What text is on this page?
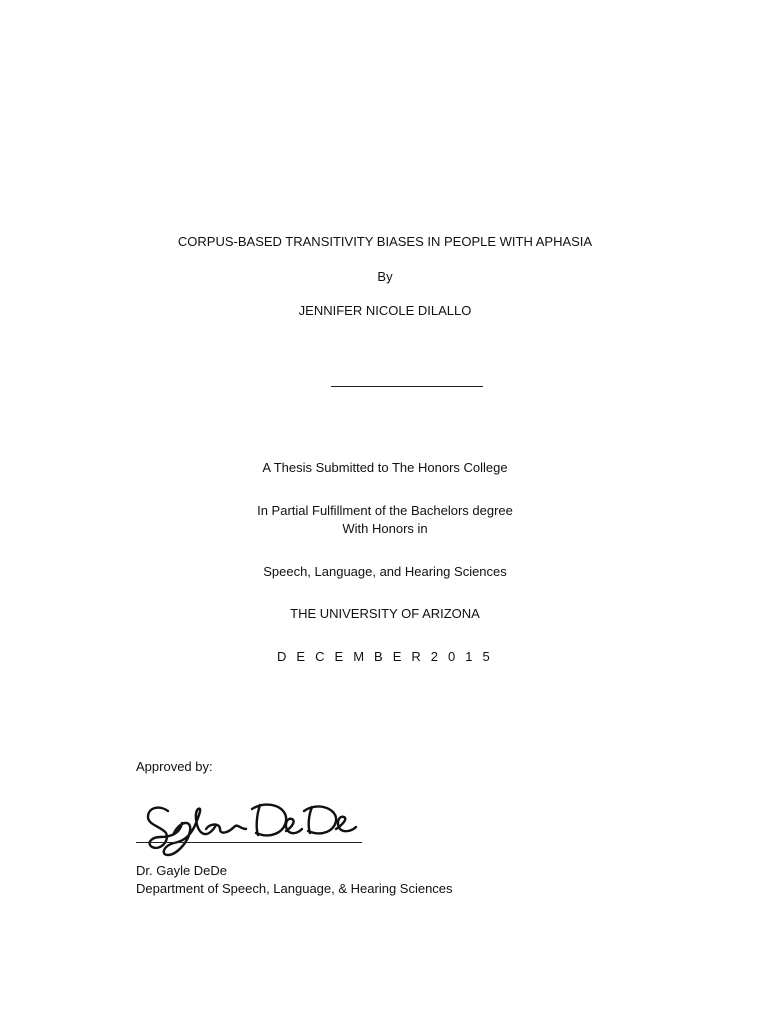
CORPUS-BASED TRANSITIVITY BIASES IN PEOPLE WITH APHASIA
By
JENNIFER NICOLE DILALLO
A Thesis Submitted to The Honors College
In Partial Fulfillment of the Bachelors degree
With Honors in
Speech, Language, and Hearing Sciences
THE UNIVERSITY OF ARIZONA
D E C E M B E R 2 0 1 5
Approved by:
Dr. Gayle DeDe
Department of Speech, Language, & Hearing Sciences
